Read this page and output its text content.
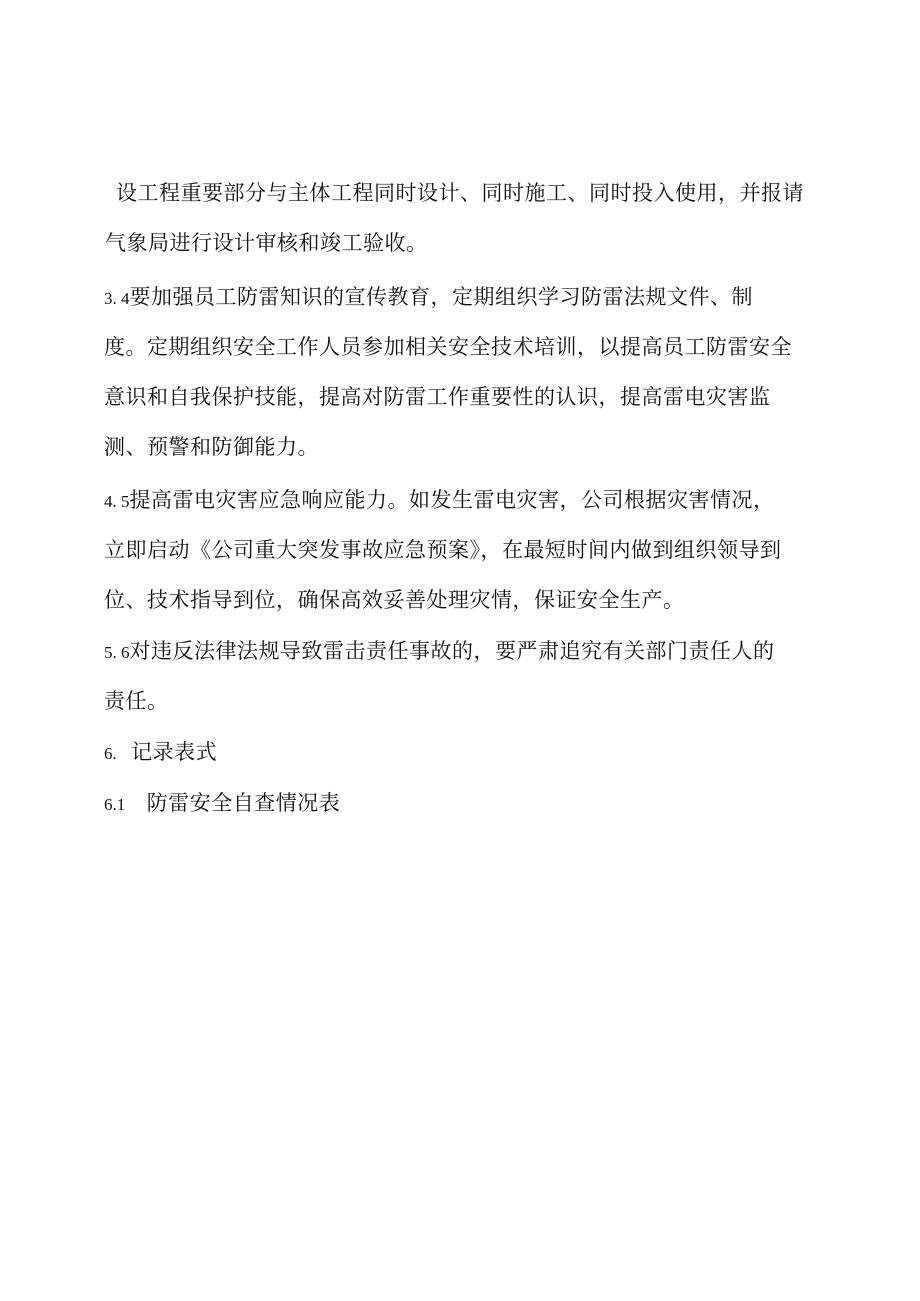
设工程重要部分与主体工程同时设计、同时施工、同时投入使用，并报请
气象局进行设计审核和竣工验收。
3. 4要加强员工防雷知识的宣传教育，定期组织学习防雷法规文件、制
度。定期组织安全工作人员参加相关安全技术培训，以提高员工防雷安全
意识和自我保护技能，提高对防雷工作重要性的认识，提高雷电灾害监
测、预警和防御能力。
4. 5提高雷电灾害应急响应能力。如发生雷电灾害，公司根据灾害情况，
立即启动《公司重大突发事故应急预案》，在最短时间内做到组织领导到
位、技术指导到位，确保高效妥善处理灾情，保证安全生产。
5. 6对违反法律法规导致雷击责任事故的，要严肃追究有关部门责任人的
责任。
6. 记录表式
6.1 防雷安全自查情况表
